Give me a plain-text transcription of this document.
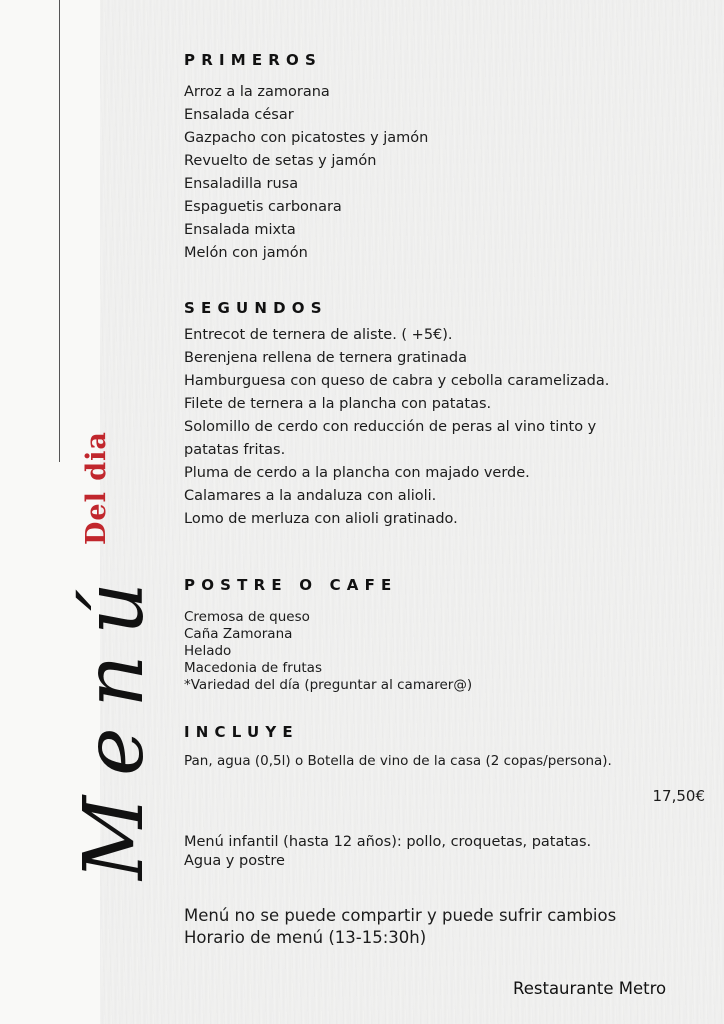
Menú
Del dia
PRIMEROS
Arroz a la zamorana
Ensalada césar
Gazpacho con picatostes y jamón
Revuelto de setas y jamón
Ensaladilla rusa
Espaguetis carbonara
Ensalada mixta
Melón con jamón
SEGUNDOS
Entrecot de ternera de aliste. ( +5€).
Berenjena rellena de ternera gratinada
Hamburguesa con queso de cabra y cebolla caramelizada.
Filete de ternera a la plancha con patatas.
Solomillo de cerdo con reducción de peras al vino tinto y
patatas fritas.
Pluma de cerdo a la plancha con majado verde.
Calamares a la andaluza con alioli.
Lomo de merluza con alioli gratinado.
POSTRE O CAFE
Cremosa de queso
Caña Zamorana
Helado
Macedonia de frutas
*Variedad del día (preguntar al camarer@)
INCLUYE
Pan, agua (0,5l) o Botella de vino de la casa (2 copas/persona).
Menú infantil (hasta 12 años): pollo, croquetas, patatas.
Agua y postre
Menú no se puede compartir y puede sufrir cambios
Horario de menú (13-15:30h)
17,50€
Restaurante Metro
